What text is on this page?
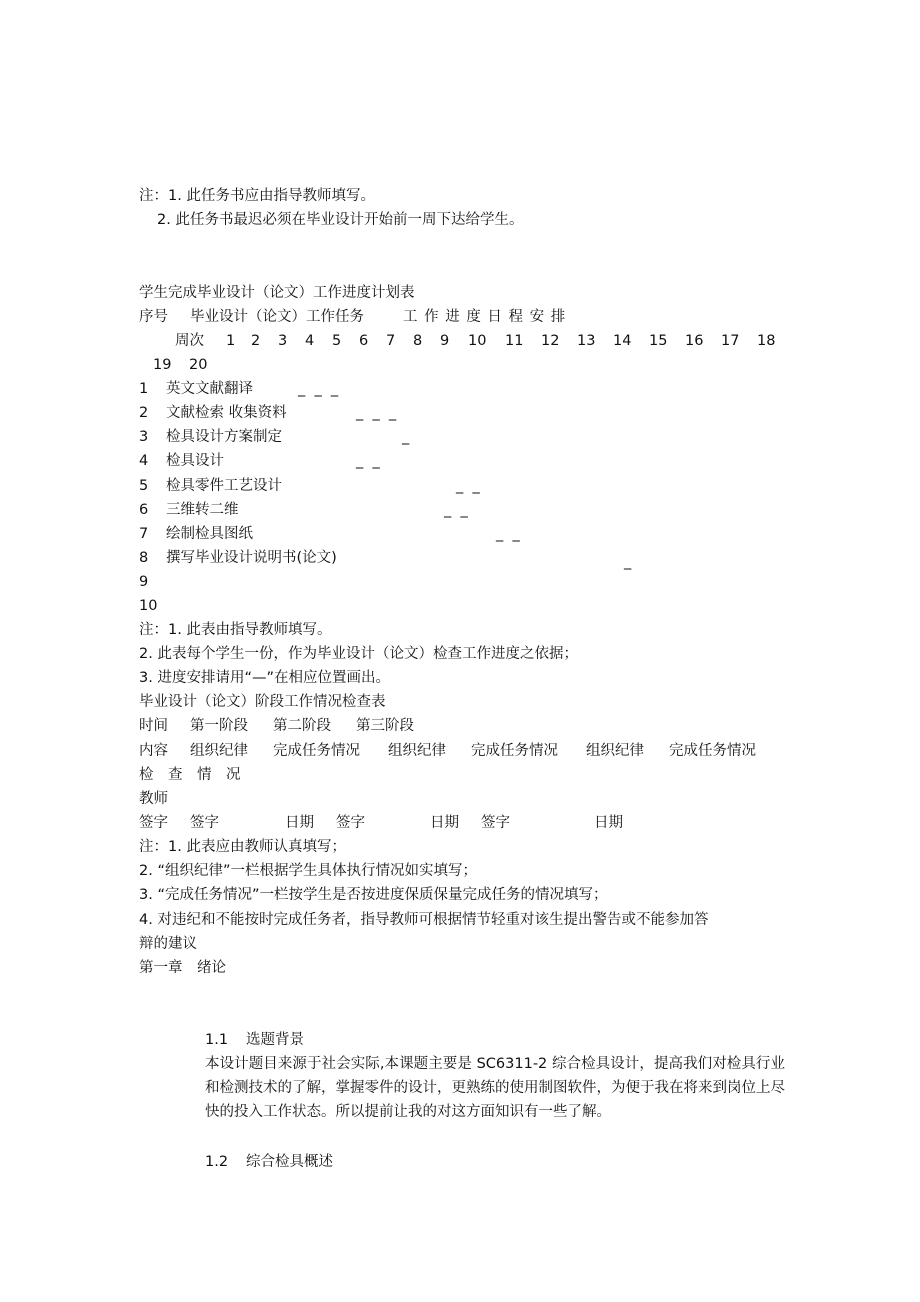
注：1. 此任务书应由指导教师填写。
2. 此任务书最迟必须在毕业设计开始前一周下达给学生。
学生完成毕业设计（论文）工作进度计划表
序号 毕业设计（论文）工作任务	工 作 进 度 日 程 安 排
周次 1 2 3 4 5 6 7 8 9 10 11 12 13 14 15 16 17 18
19 20
1 英文文献翻译	_  _  _
2 文献检索 收集资料	_  _  _
3 检具设计方案制定	_
4 检具设计	_  _
5 检具零件工艺设计	_  _
6 三维转二维	_  _
7 绘制检具图纸	_  _
8 撰写毕业设计说明书(论文)	_
9
10
注：1. 此表由指导教师填写。
2. 此表每个学生一份，作为毕业设计（论文）检查工作进度之依据；
3. 进度安排请用“—”在相应位置画出。
毕业设计（论文）阶段工作情况检查表
时间 第一阶段 第二阶段 第三阶段
内容 组织纪律 完成任务情况 组织纪律 完成任务情况 组织纪律 完成任务情况
检　查　情　况
教师
签字 签字	日期 签字	日期 签字	日期
注：1. 此表应由教师认真填写；
2. “组织纪律”一栏根据学生具体执行情况如实填写；
3. “完成任务情况”一栏按学生是否按进度保质保量完成任务的情况填写；
4. 对违纪和不能按时完成任务者，指导教师可根据情节轻重对该生提出警告或不能参加答
辩的建议
第一章　绪论
1.1 选题背景
本设计题目来源于社会实际,本课题主要是 SC6311-2 综合检具设计，提高我们对检具行业和检测技术的了解，掌握零件的设计，更熟练的使用制图软件，为便于我在将来到岗位上尽快的投入工作状态。所以提前让我的对这方面知识有一些了解。
1.2 综合检具概述
